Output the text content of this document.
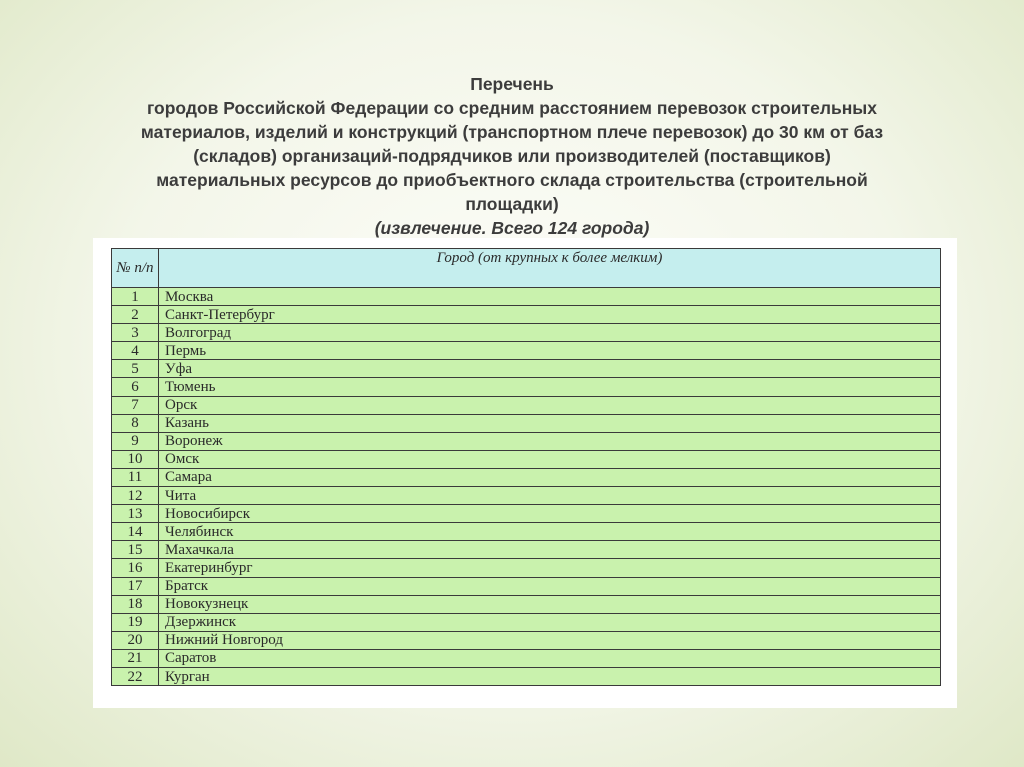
Перечень
городов Российской Федерации со средним расстоянием перевозок строительных
материалов, изделий и конструкций (транспортном плече перевозок) до 30 км от баз
(складов) организаций-подрядчиков или производителей (поставщиков)
материальных ресурсов до приобъектного склада строительства (строительной
площадки)
(извлечение. Всего 124 города)
№ п/п	Город (от крупных к более мелким)
1	Москва
2	Санкт-Петербург
3	Волгоград
4	Пермь
5	Уфа
6	Тюмень
7	Орск
8	Казань
9	Воронеж
10	Омск
11	Самара
12	Чита
13	Новосибирск
14	Челябинск
15	Махачкала
16	Екатеринбург
17	Братск
18	Новокузнецк
19	Дзержинск
20	Нижний Новгород
21	Саратов
22	Курган
